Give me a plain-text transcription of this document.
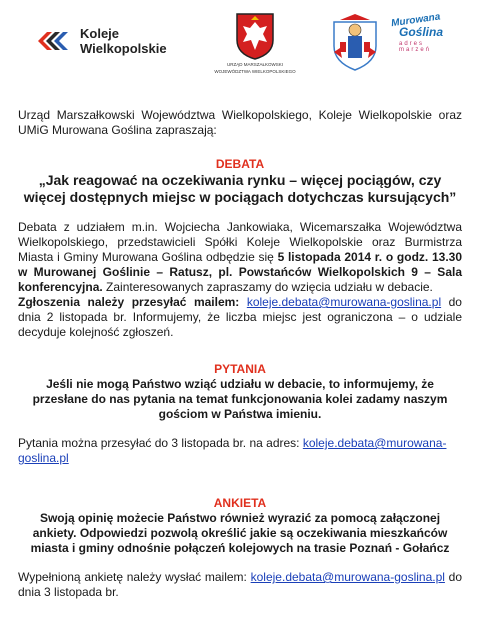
Koleje
Wielkopolskie
URZĄD MARSZAŁKOWSKI
WOJEWÓDZTWA WIELKOPOLSKIEGO
Murowana
Goślina
adres marzeń

Urząd Marszałkowski Województwa Wielkopolskiego, Koleje Wielkopolskie oraz UMiG Murowana Goślina zapraszają:

DEBATA

„Jak reagować na oczekiwania rynku – więcej pociągów, czy więcej dostępnych miejsc w pociągach dotychczas kursujących”

Debata z udziałem m.in. Wojciecha Jankowiaka, Wicemarszałka Województwa Wielkopolskiego, przedstawicieli Spółki Koleje Wielkopolskie oraz Burmistrza Miasta i Gminy Murowana Goślina odbędzie się 5 listopada 2014 r. o godz. 13.30 w Murowanej Goślinie – Ratusz, pl. Powstańców Wielkopolskich 9 – Sala konferencyjna. Zainteresowanych zapraszamy do wzięcia udziału w debacie.

Zgłoszenia należy przesyłać mailem: koleje.debata@murowana-goslina.pl do dnia 2 listopada br. Informujemy, że liczba miejsc jest ograniczona – o udziale decyduje kolejność zgłoszeń.

PYTANIA

Jeśli nie mogą Państwo wziąć udziału w debacie, to informujemy, że przesłane do nas pytania na temat funkcjonowania kolei zadamy naszym gościom w Państwa imieniu.

Pytania można przesyłać do 3 listopada br. na adres: koleje.debata@murowana-goslina.pl

ANKIETA

Swoją opinię możecie Państwo również wyrazić za pomocą załączonej ankiety. Odpowiedzi pozwolą określić jakie są oczekiwania mieszkańców miasta i gminy odnośnie połączeń kolejowych na trasie Poznań - Gołańcz

Wypełnioną ankietę należy wysłać mailem: koleje.debata@murowana-goslina.pl do dnia 3 listopada br.
